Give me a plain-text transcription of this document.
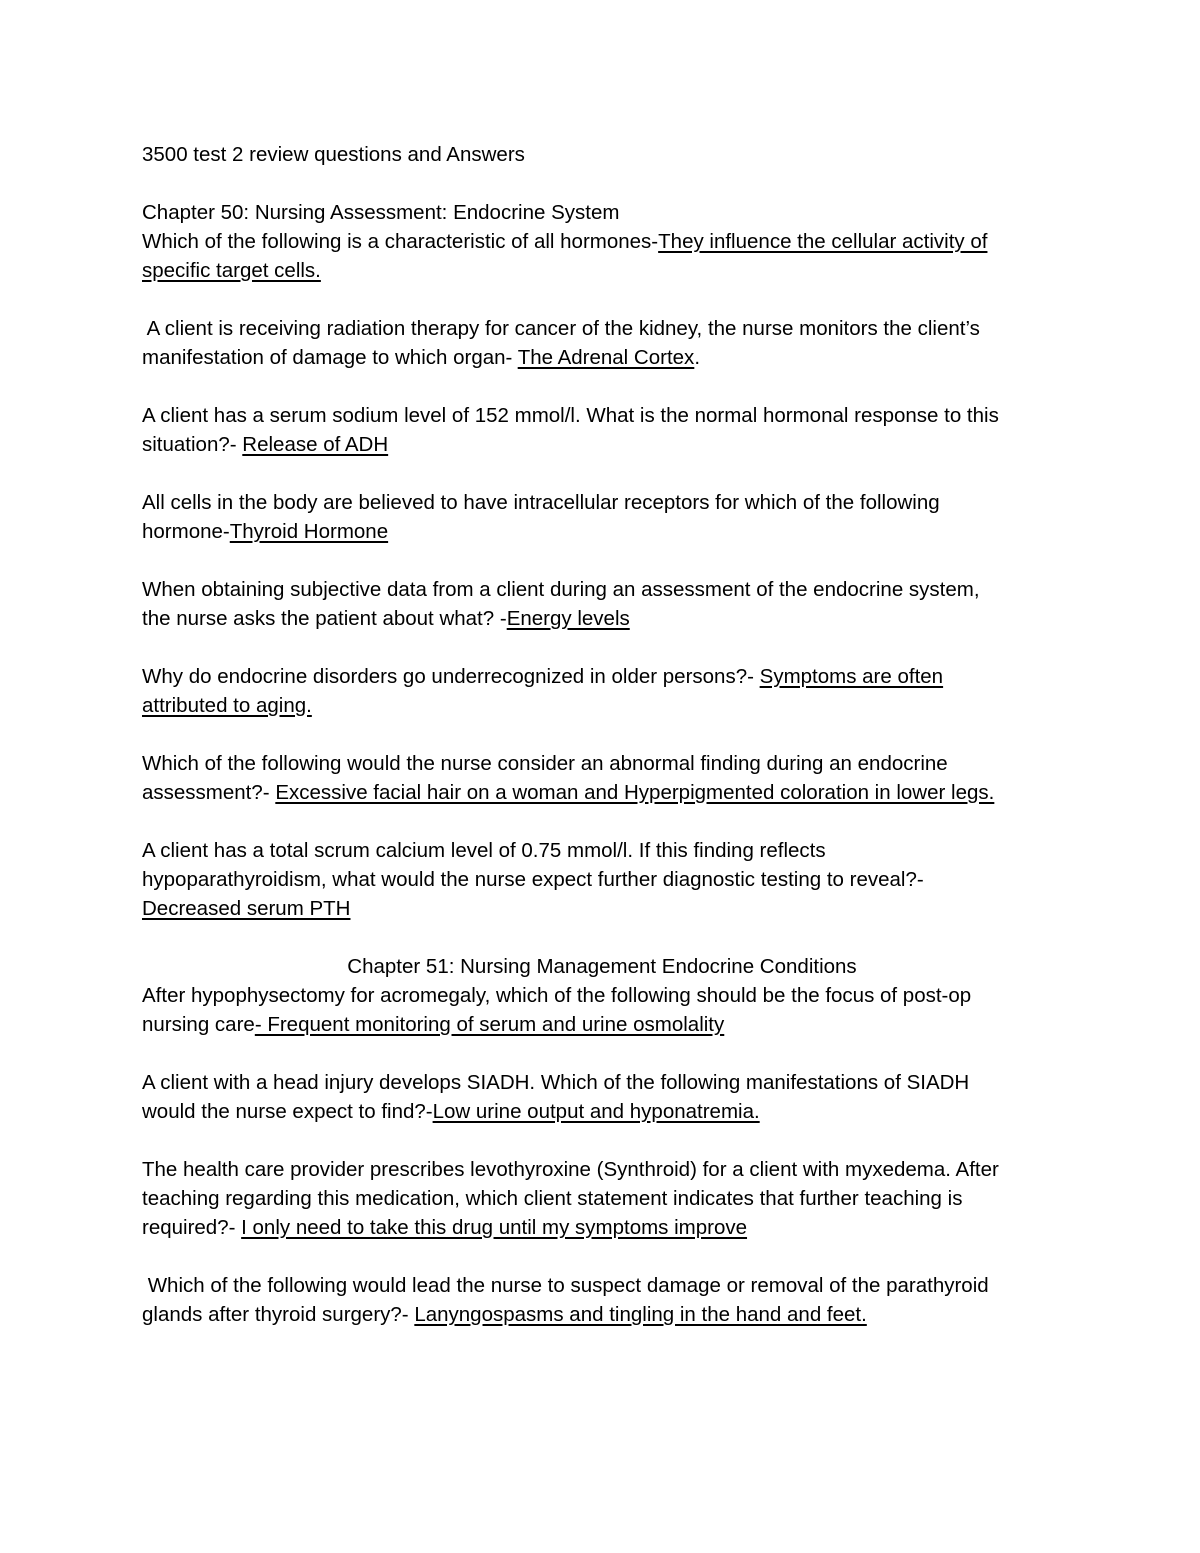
3500 test 2 review questions and Answers

Chapter 50: Nursing Assessment: Endocrine System

Which of the following is a characteristic of all hormones-They influence the cellular activity of

specific target cells.

A client is receiving radiation therapy for cancer of the kidney, the nurse monitors the client’s

manifestation of damage to which organ- The Adrenal Cortex.

A client has a serum sodium level of 152 mmol/l. What is the normal hormonal response to this

situation?- Release of ADH

All cells in the body are believed to have intracellular receptors for which of the following

hormone-Thyroid Hormone

When obtaining subjective data from a client during an assessment of the endocrine system,

the nurse asks the patient about what? -Energy levels

Why do endocrine disorders go underrecognized in older persons?- Symptoms are often

attributed to aging.

Which of the following would the nurse consider an abnormal finding during an endocrine

assessment?- Excessive facial hair on a woman and Hyperpigmented coloration in lower legs.

A client has a total scrum calcium level of 0.75 mmol/l. If this finding reflects

hypoparathyroidism, what would the nurse expect further diagnostic testing to reveal?-

Decreased serum PTH

Chapter 51: Nursing Management Endocrine Conditions

After hypophysectomy for acromegaly, which of the following should be the focus of post-op

nursing care- Frequent monitoring of serum and urine osmolality

A client with a head injury develops SIADH. Which of the following manifestations of SIADH

would the nurse expect to find?-Low urine output and hyponatremia.

The health care provider prescribes levothyroxine (Synthroid) for a client with myxedema. After

teaching regarding this medication, which client statement indicates that further teaching is

required?- I only need to take this drug until my symptoms improve

Which of the following would lead the nurse to suspect damage or removal of the parathyroid

glands after thyroid surgery?- Lanyngospasms and tingling in the hand and feet.
